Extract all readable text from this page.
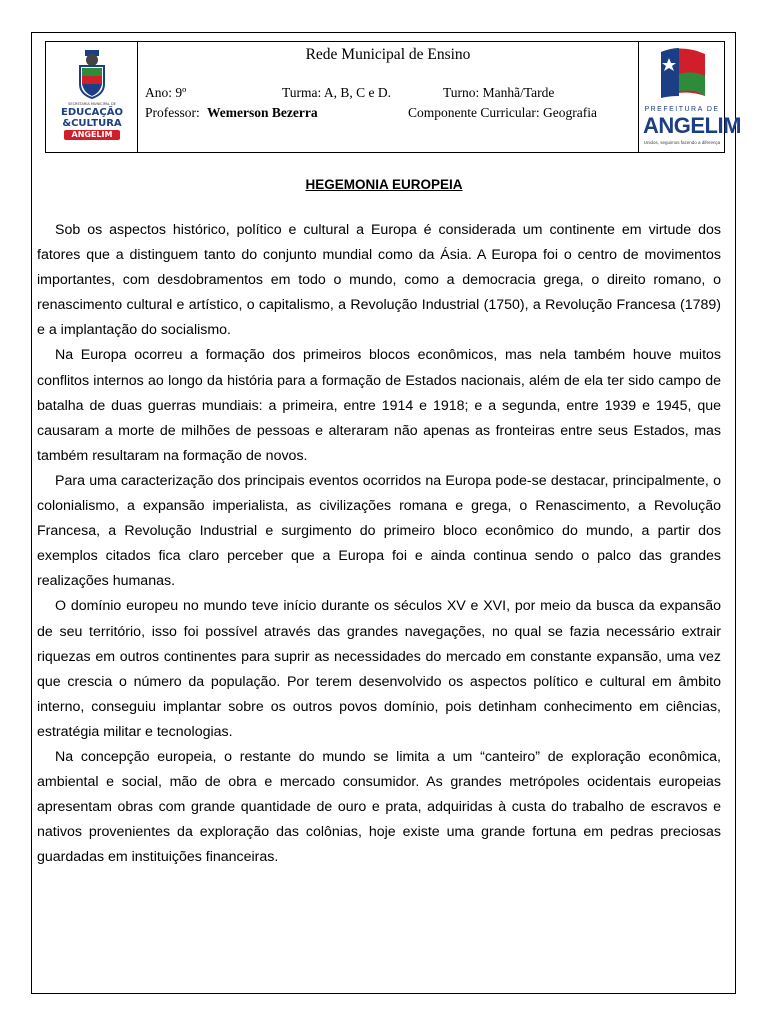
SECRETARIA MUNICIPAL DE
EDUCAÇÃO
&CULTURA
ANGELIM
Rede Municipal de Ensino
Ano: 9º	Turma: A, B, C e D.	Turno: Manhã/Tarde
Professor: Wemerson Bezerra	Componente Curricular: Geografia	PREFEITURA DE
ANGELIM
Unidos, seguimos fazendo a diferença
HEGEMONIA EUROPEIA

Sob os aspectos histórico, político e cultural a Europa é considerada um continente em virtude dos fatores que a distinguem tanto do conjunto mundial como da Ásia. A Europa foi o centro de movimentos importantes, com desdobramentos em todo o mundo, como a democracia grega, o direito romano, o renascimento cultural e artístico, o capitalismo, a Revolução Industrial (1750), a Revolução Francesa (1789) e a implantação do socialismo.

Na Europa ocorreu a formação dos primeiros blocos econômicos, mas nela também houve muitos conflitos internos ao longo da história para a formação de Estados nacionais, além de ela ter sido campo de batalha de duas guerras mundiais: a primeira, entre 1914 e 1918; e a segunda, entre 1939 e 1945, que causaram a morte de milhões de pessoas e alteraram não apenas as fronteiras entre seus Estados, mas também resultaram na formação de novos.

Para uma caracterização dos principais eventos ocorridos na Europa pode-se destacar, principalmente, o colonialismo, a expansão imperialista, as civilizações romana e grega, o Renascimento, a Revolução Francesa, a Revolução Industrial e surgimento do primeiro bloco econômico do mundo, a partir dos exemplos citados fica claro perceber que a Europa foi e ainda continua sendo o palco das grandes realizações humanas.

O domínio europeu no mundo teve início durante os séculos XV e XVI, por meio da busca da expansão de seu território, isso foi possível através das grandes navegações, no qual se fazia necessário extrair riquezas em outros continentes para suprir as necessidades do mercado em constante expansão, uma vez que crescia o número da população. Por terem desenvolvido os aspectos político e cultural em âmbito interno, conseguiu implantar sobre os outros povos domínio, pois detinham conhecimento em ciências, estratégia militar e tecnologias.

Na concepção europeia, o restante do mundo se limita a um “canteiro” de exploração econômica, ambiental e social, mão de obra e mercado consumidor. As grandes metrópoles ocidentais europeias apresentam obras com grande quantidade de ouro e prata, adquiridas à custa do trabalho de escravos e nativos provenientes da exploração das colônias, hoje existe uma grande fortuna em pedras preciosas guardadas em instituições financeiras.
